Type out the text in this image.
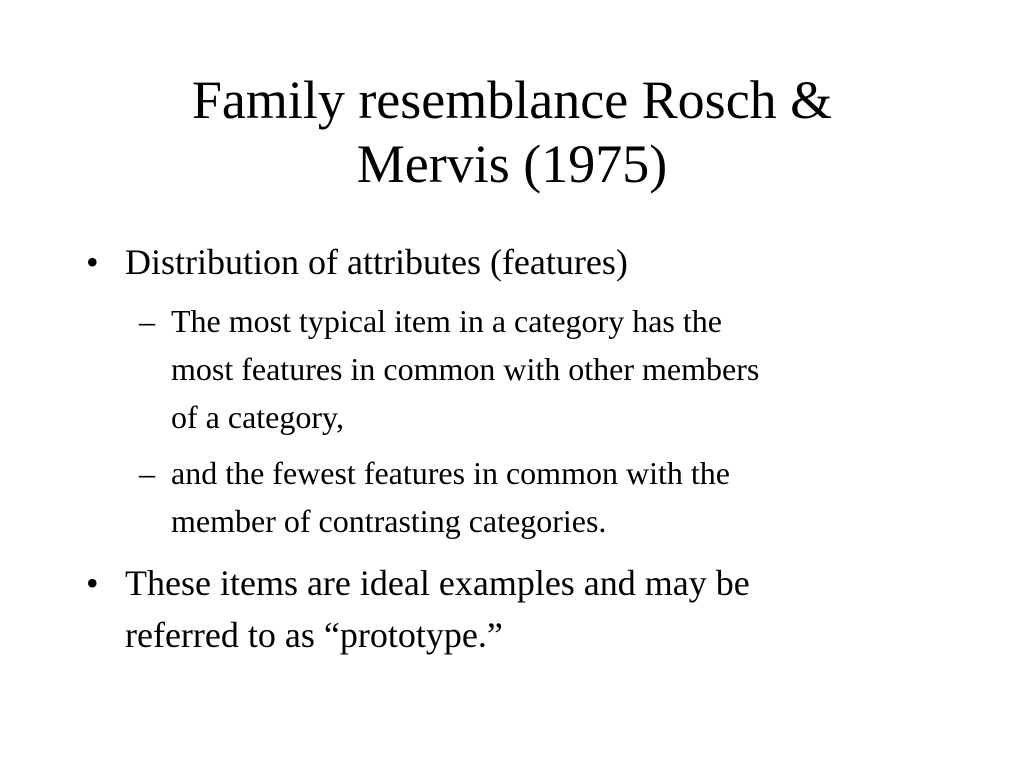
Family resemblance Rosch &
Mervis (1975)
• Distribution of attributes (features)
– The most typical item in a category has the
most features in common with other members
of a category,
– and the fewest features in common with the
member of contrasting categories.
• These items are ideal examples and may be
referred to as “prototype.”
